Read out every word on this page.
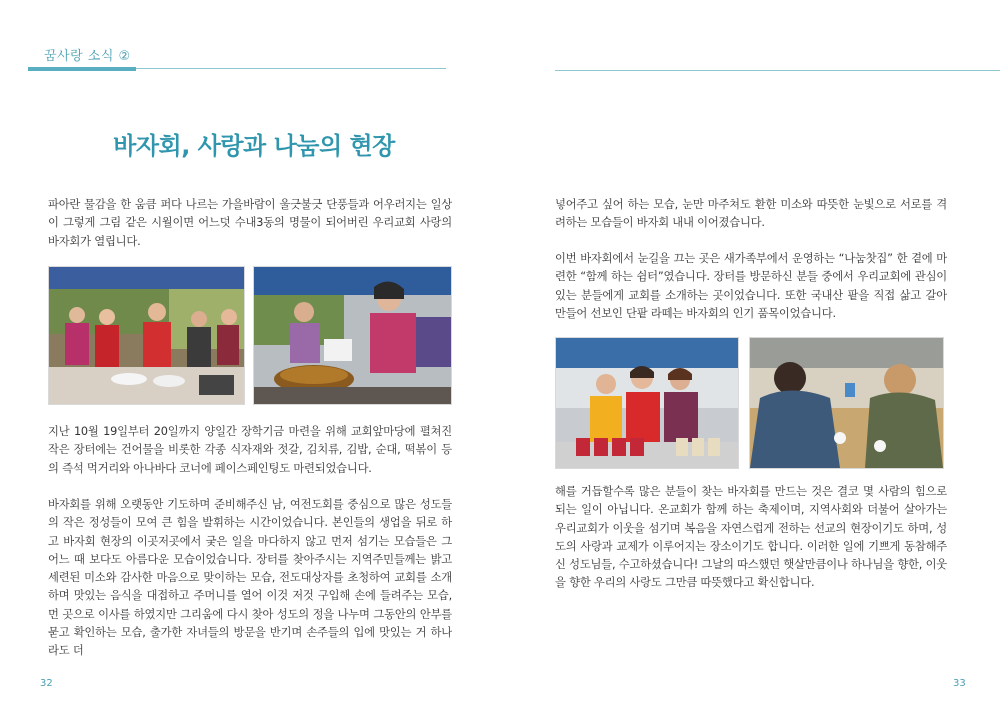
꿈사랑 소식 ②
바자회, 사랑과 나눔의 현장

파아란 물감을 한 움큼 퍼다 나르는 가을바람이 울긋불긋 단풍들과 어우러지는 일상이 그렇게 그림 같은 시월이면 어느덧 수내3동의 명물이 되어버린 우리교회 사랑의 바자회가 열립니다.

지난 10월 19일부터 20일까지 양일간 장학기금 마련을 위해 교회앞마당에 펼쳐진 작은 장터에는 건어물을 비롯한 각종 식자재와 젓갈, 김치류, 김밥, 순대, 떡볶이 등의 즉석 먹거리와 아나바다 코너에 페이스페인팅도 마련되었습니다.

바자회를 위해 오랫동안 기도하며 준비해주신 남, 여전도회를 중심으로 많은 성도들의 작은 정성들이 모여 큰 힘을 발휘하는 시간이었습니다. 본인들의 생업을 뒤로 하고 바자회 현장의 이곳저곳에서 궂은 일을 마다하지 않고 먼저 섬기는 모습들은 그 어느 때 보다도 아름다운 모습이었습니다. 장터를 찾아주시는 지역주민들께는 밝고 세련된 미소와 감사한 마음으로 맞이하는 모습, 전도대상자를 초청하여 교회를 소개하며 맛있는 음식을 대접하고 주머니를 열어 이것 저것 구입해 손에 들려주는 모습, 먼 곳으로 이사를 하였지만 그리움에 다시 찾아 성도의 정을 나누며 그동안의 안부를 묻고 확인하는 모습, 출가한 자녀들의 방문을 반기며 손주들의 입에 맛있는 거 하나라도 더

넣어주고 싶어 하는 모습, 눈만 마주쳐도 환한 미소와 따뜻한 눈빛으로 서로를 격려하는 모습들이 바자회 내내 이어졌습니다.

이번 바자회에서 눈길을 끄는 곳은 새가족부에서 운영하는 “나눔찻집” 한 곁에 마련한 “함께 하는 쉼터”였습니다. 장터를 방문하신 분들 중에서 우리교회에 관심이 있는 분들에게 교회를 소개하는 곳이었습니다. 또한 국내산 팥을 직접 삶고 갈아 만들어 선보인 단팥 라떼는 바자회의 인기 품목이었습니다.

해를 거듭할수록 많은 분들이 찾는 바자회를 만드는 것은 결코 몇 사람의 힘으로 되는 일이 아닙니다. 온교회가 함께 하는 축제이며, 지역사회와 더불어 살아가는 우리교회가 이웃을 섬기며 복음을 자연스럽게 전하는 선교의 현장이기도 하며, 성도의 사랑과 교제가 이루어지는 장소이기도 합니다. 이러한 일에 기쁘게 동참해주신 성도님들, 수고하셨습니다! 그날의 따스했던 햇살만큼이나 하나님을 향한, 이웃을 향한 우리의 사랑도 그만큼 따뜻했다고 확신합니다.

32	33
